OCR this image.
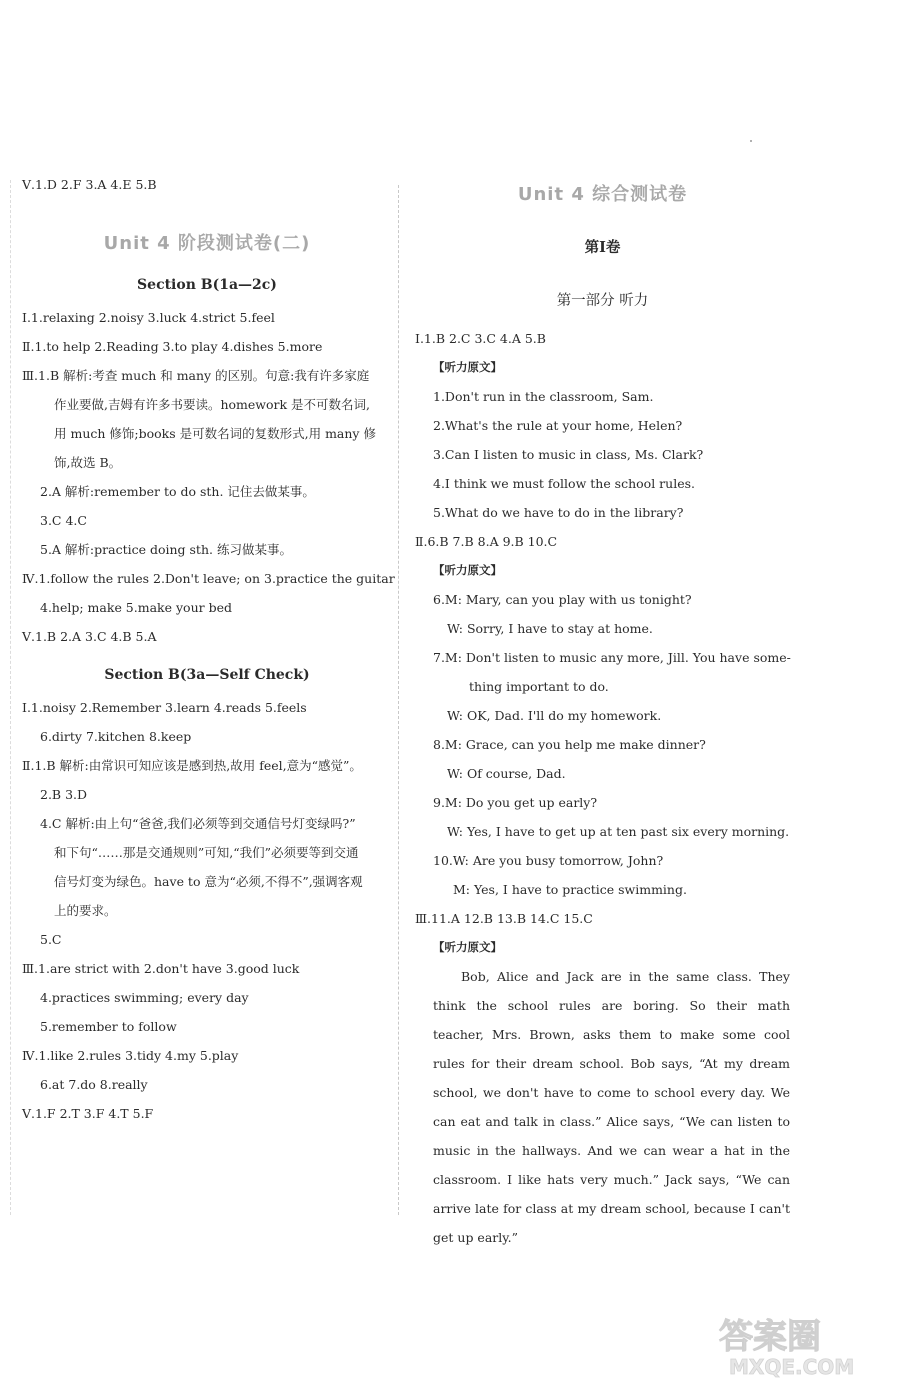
Ⅴ.1.D 2.F 3.A 4.E 5.B
Unit 4 阶段测试卷(二)
Section B(1a—2c)
Ⅰ.1.relaxing 2.noisy 3.luck 4.strict 5.feel
Ⅱ.1.to help 2.Reading 3.to play 4.dishes 5.more
Ⅲ.1.B 解析:考查 much 和 many 的区别。句意:我有许多家庭
作业要做,吉姆有许多书要读。homework 是不可数名词,
用 much 修饰;books 是可数名词的复数形式,用 many 修
饰,故选 B。
2.A 解析:remember to do sth. 记住去做某事。
3.C 4.C
5.A 解析:practice doing sth. 练习做某事。
Ⅳ.1.follow the rules 2.Don't leave; on 3.practice the guitar
4.help; make 5.make your bed
Ⅴ.1.B 2.A 3.C 4.B 5.A
Section B(3a—Self Check)
Ⅰ.1.noisy 2.Remember 3.learn 4.reads 5.feels
6.dirty 7.kitchen 8.keep
Ⅱ.1.B 解析:由常识可知应该是感到热,故用 feel,意为“感觉”。
2.B 3.D
4.C 解析:由上句“爸爸,我们必须等到交通信号灯变绿吗?”
和下句“……那是交通规则”可知,“我们”必须要等到交通
信号灯变为绿色。have to 意为“必须,不得不”,强调客观
上的要求。
5.C
Ⅲ.1.are strict with 2.don't have 3.good luck
4.practices swimming; every day
5.remember to follow
Ⅳ.1.like 2.rules 3.tidy 4.my 5.play
6.at 7.do 8.really
Ⅴ.1.F 2.T 3.F 4.T 5.F
Unit 4 综合测试卷
第Ⅰ卷
第一部分 听力
Ⅰ.1.B 2.C 3.C 4.A 5.B
【听力原文】
1.Don't run in the classroom, Sam.
2.What's the rule at your home, Helen?
3.Can I listen to music in class, Ms. Clark?
4.I think we must follow the school rules.
5.What do we have to do in the library?
Ⅱ.6.B 7.B 8.A 9.B 10.C
【听力原文】
6.M: Mary, can you play with us tonight?
W: Sorry, I have to stay at home.
7.M: Don't listen to music any more, Jill. You have some-
thing important to do.
W: OK, Dad. I'll do my homework.
8.M: Grace, can you help me make dinner?
W: Of course, Dad.
9.M: Do you get up early?
W: Yes, I have to get up at ten past six every morning.
10.W: Are you busy tomorrow, John?
M: Yes, I have to practice swimming.
Ⅲ.11.A 12.B 13.B 14.C 15.C
【听力原文】
Bob, Alice and Jack are in the same class. They think the school rules are boring. So their math teacher, Mrs. Brown, asks them to make some cool rules for their dream school. Bob says, “At my dream school, we don't have to come to school every day. We can eat and talk in class.” Alice says, “We can listen to music in the hallways. And we can wear a hat in the classroom. I like hats very much.” Jack says, “We can arrive late for class at my dream school, because I can't get up early.”
答案圈
MXQE.COM
